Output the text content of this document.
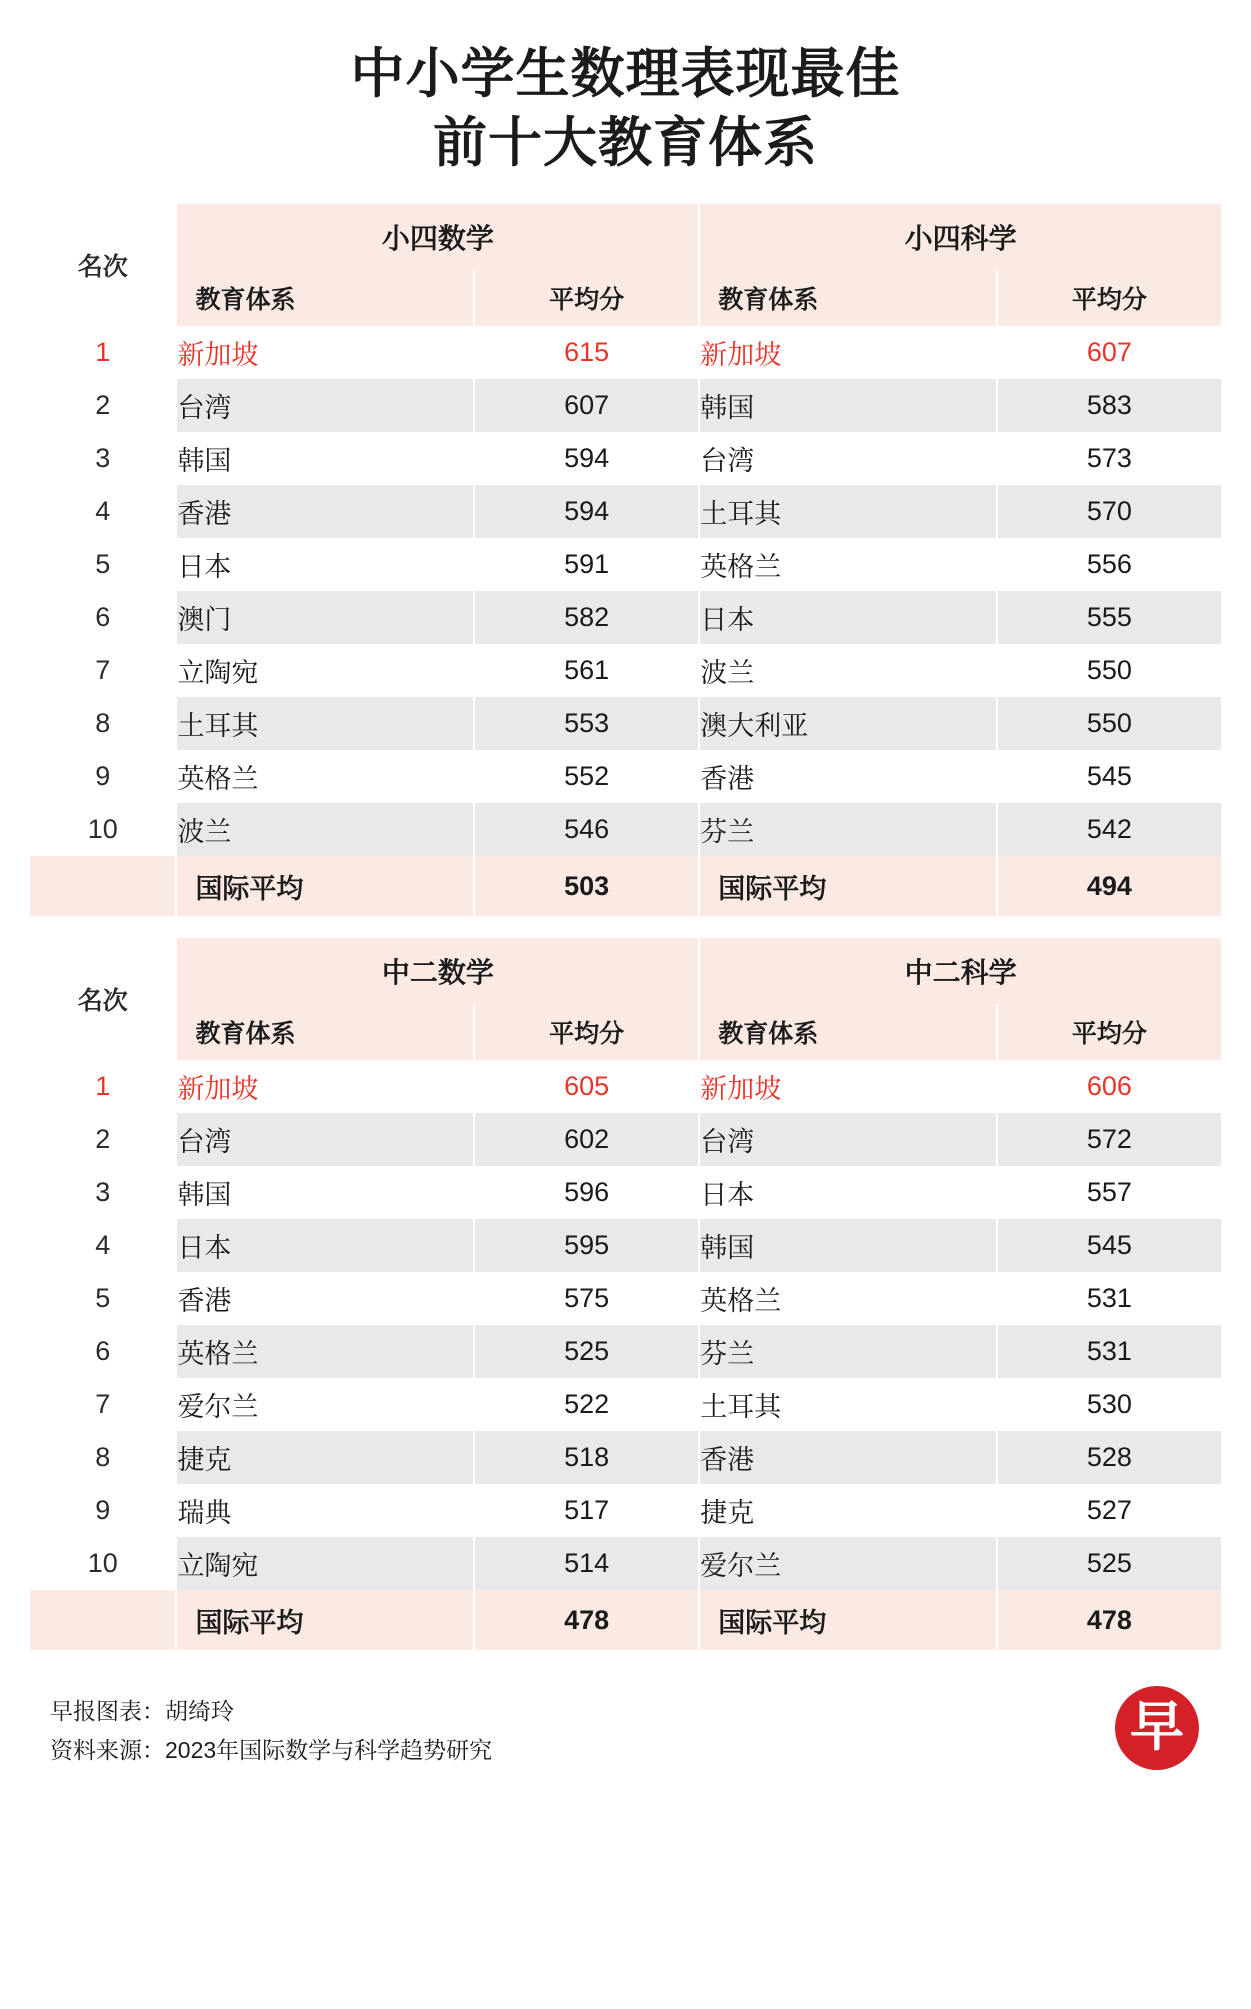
中小学生数理表现最佳
前十大教育体系
名次	小四数学		小四科学	
	教育体系	平均分	教育体系	平均分
1	新加坡	615	新加坡	607
2	台湾	607	韩国	583
3	韩国	594	台湾	573
4	香港	594	土耳其	570
5	日本	591	英格兰	556
6	澳门	582	日本	555
7	立陶宛	561	波兰	550
8	土耳其	553	澳大利亚	550
9	英格兰	552	香港	545
10	波兰	546	芬兰	542
	国际平均	503	国际平均	494
名次	中二数学		中二科学	
	教育体系	平均分	教育体系	平均分
1	新加坡	605	新加坡	606
2	台湾	602	台湾	572
3	韩国	596	日本	557
4	日本	595	韩国	545
5	香港	575	英格兰	531
6	英格兰	525	芬兰	531
7	爱尔兰	522	土耳其	530
8	捷克	518	香港	528
9	瑞典	517	捷克	527
10	立陶宛	514	爱尔兰	525
	国际平均	478	国际平均	478
早报图表：胡绮玲
资料来源：2023年国际数学与科学趋势研究	早
